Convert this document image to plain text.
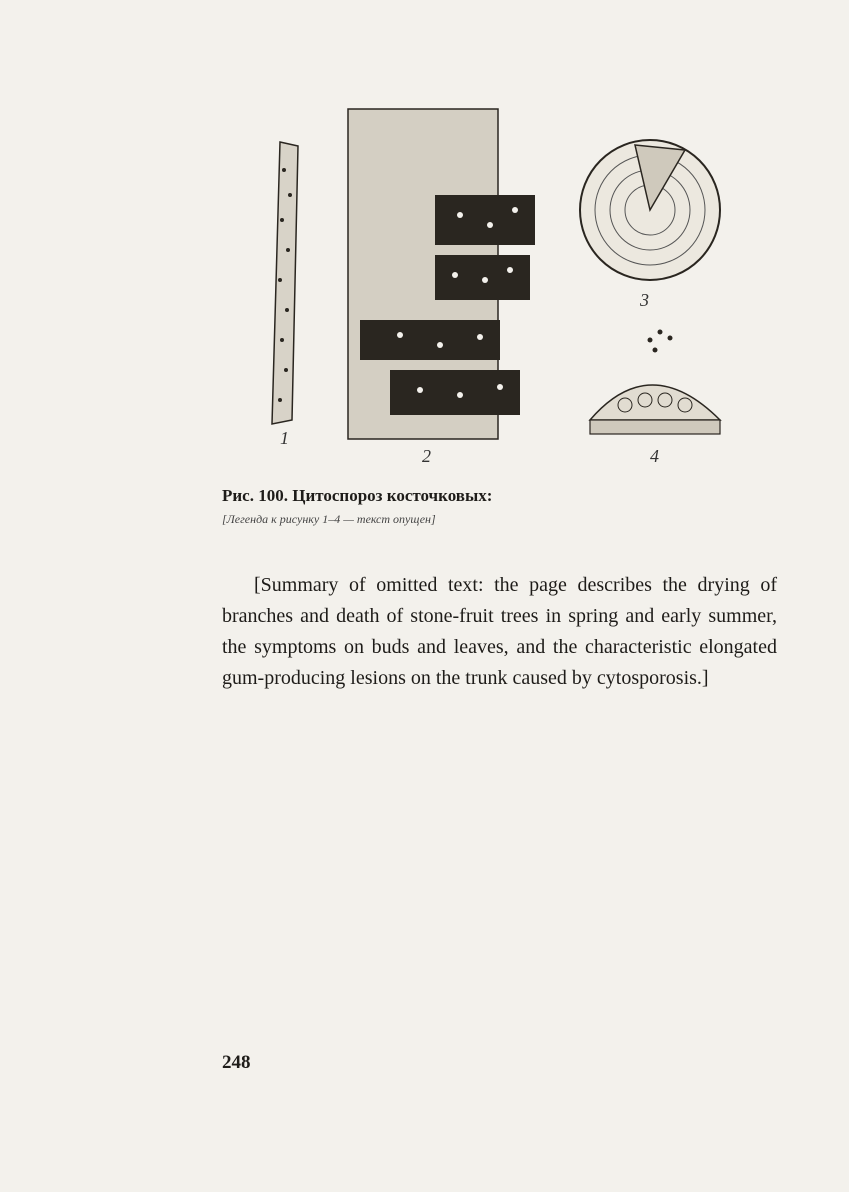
1
2
3
4
Рис. 100. Цитоспороз косточковых:
[Легенда к рисунку 1–4 — текст опущен]
[Summary of omitted text: the page describes the drying of branches and death of stone-fruit trees in spring and early summer, the symptoms on buds and leaves, and the characteristic elongated gum-producing lesions on the trunk caused by cytosporosis.]
248
